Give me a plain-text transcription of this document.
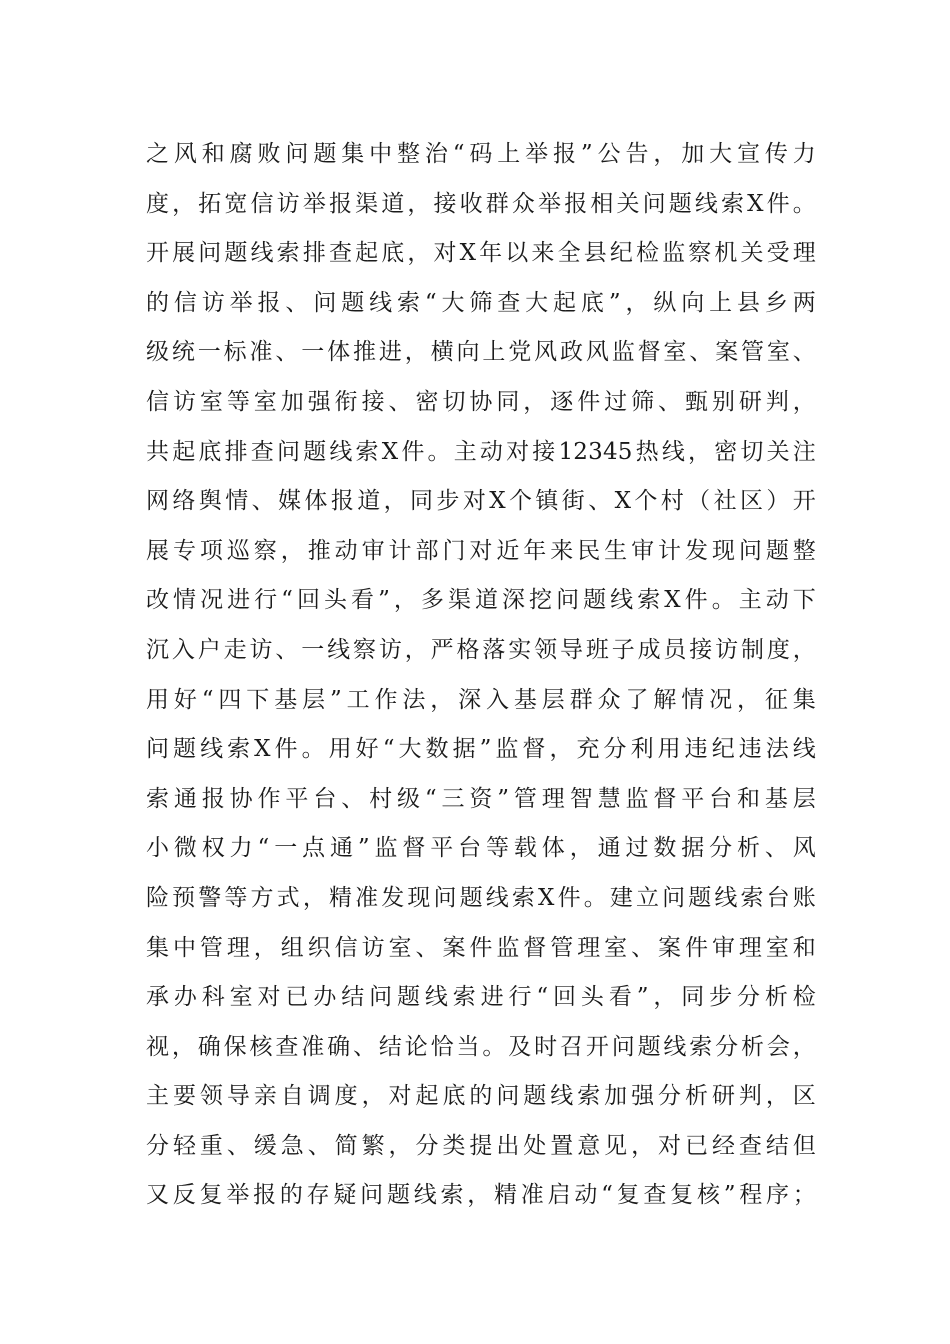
之风和腐败问题集中整治“码上举报”公告，加大宣传力
度，拓宽信访举报渠道，接收群众举报相关问题线索X件。
开展问题线索排查起底，对X年以来全县纪检监察机关受理
的信访举报、问题线索“大筛查大起底”，纵向上县乡两
级统一标准、一体推进，横向上党风政风监督室、案管室、
信访室等室加强衔接、密切协同，逐件过筛、甄别研判，
共起底排查问题线索X件。主动对接12345热线，密切关注
网络舆情、媒体报道，同步对X个镇街、X个村（社区）开
展专项巡察，推动审计部门对近年来民生审计发现问题整
改情况进行“回头看”，多渠道深挖问题线索X件。主动下
沉入户走访、一线察访，严格落实领导班子成员接访制度，
用好“四下基层”工作法，深入基层群众了解情况，征集
问题线索X件。用好“大数据”监督，充分利用违纪违法线
索通报协作平台、村级“三资”管理智慧监督平台和基层
小微权力“一点通”监督平台等载体，通过数据分析、风
险预警等方式，精准发现问题线索X件。建立问题线索台账
集中管理，组织信访室、案件监督管理室、案件审理室和
承办科室对已办结问题线索进行“回头看”，同步分析检
视，确保核查准确、结论恰当。及时召开问题线索分析会，
主要领导亲自调度，对起底的问题线索加强分析研判，区
分轻重、缓急、简繁，分类提出处置意见，对已经查结但
又反复举报的存疑问题线索，精准启动“复查复核”程序；
